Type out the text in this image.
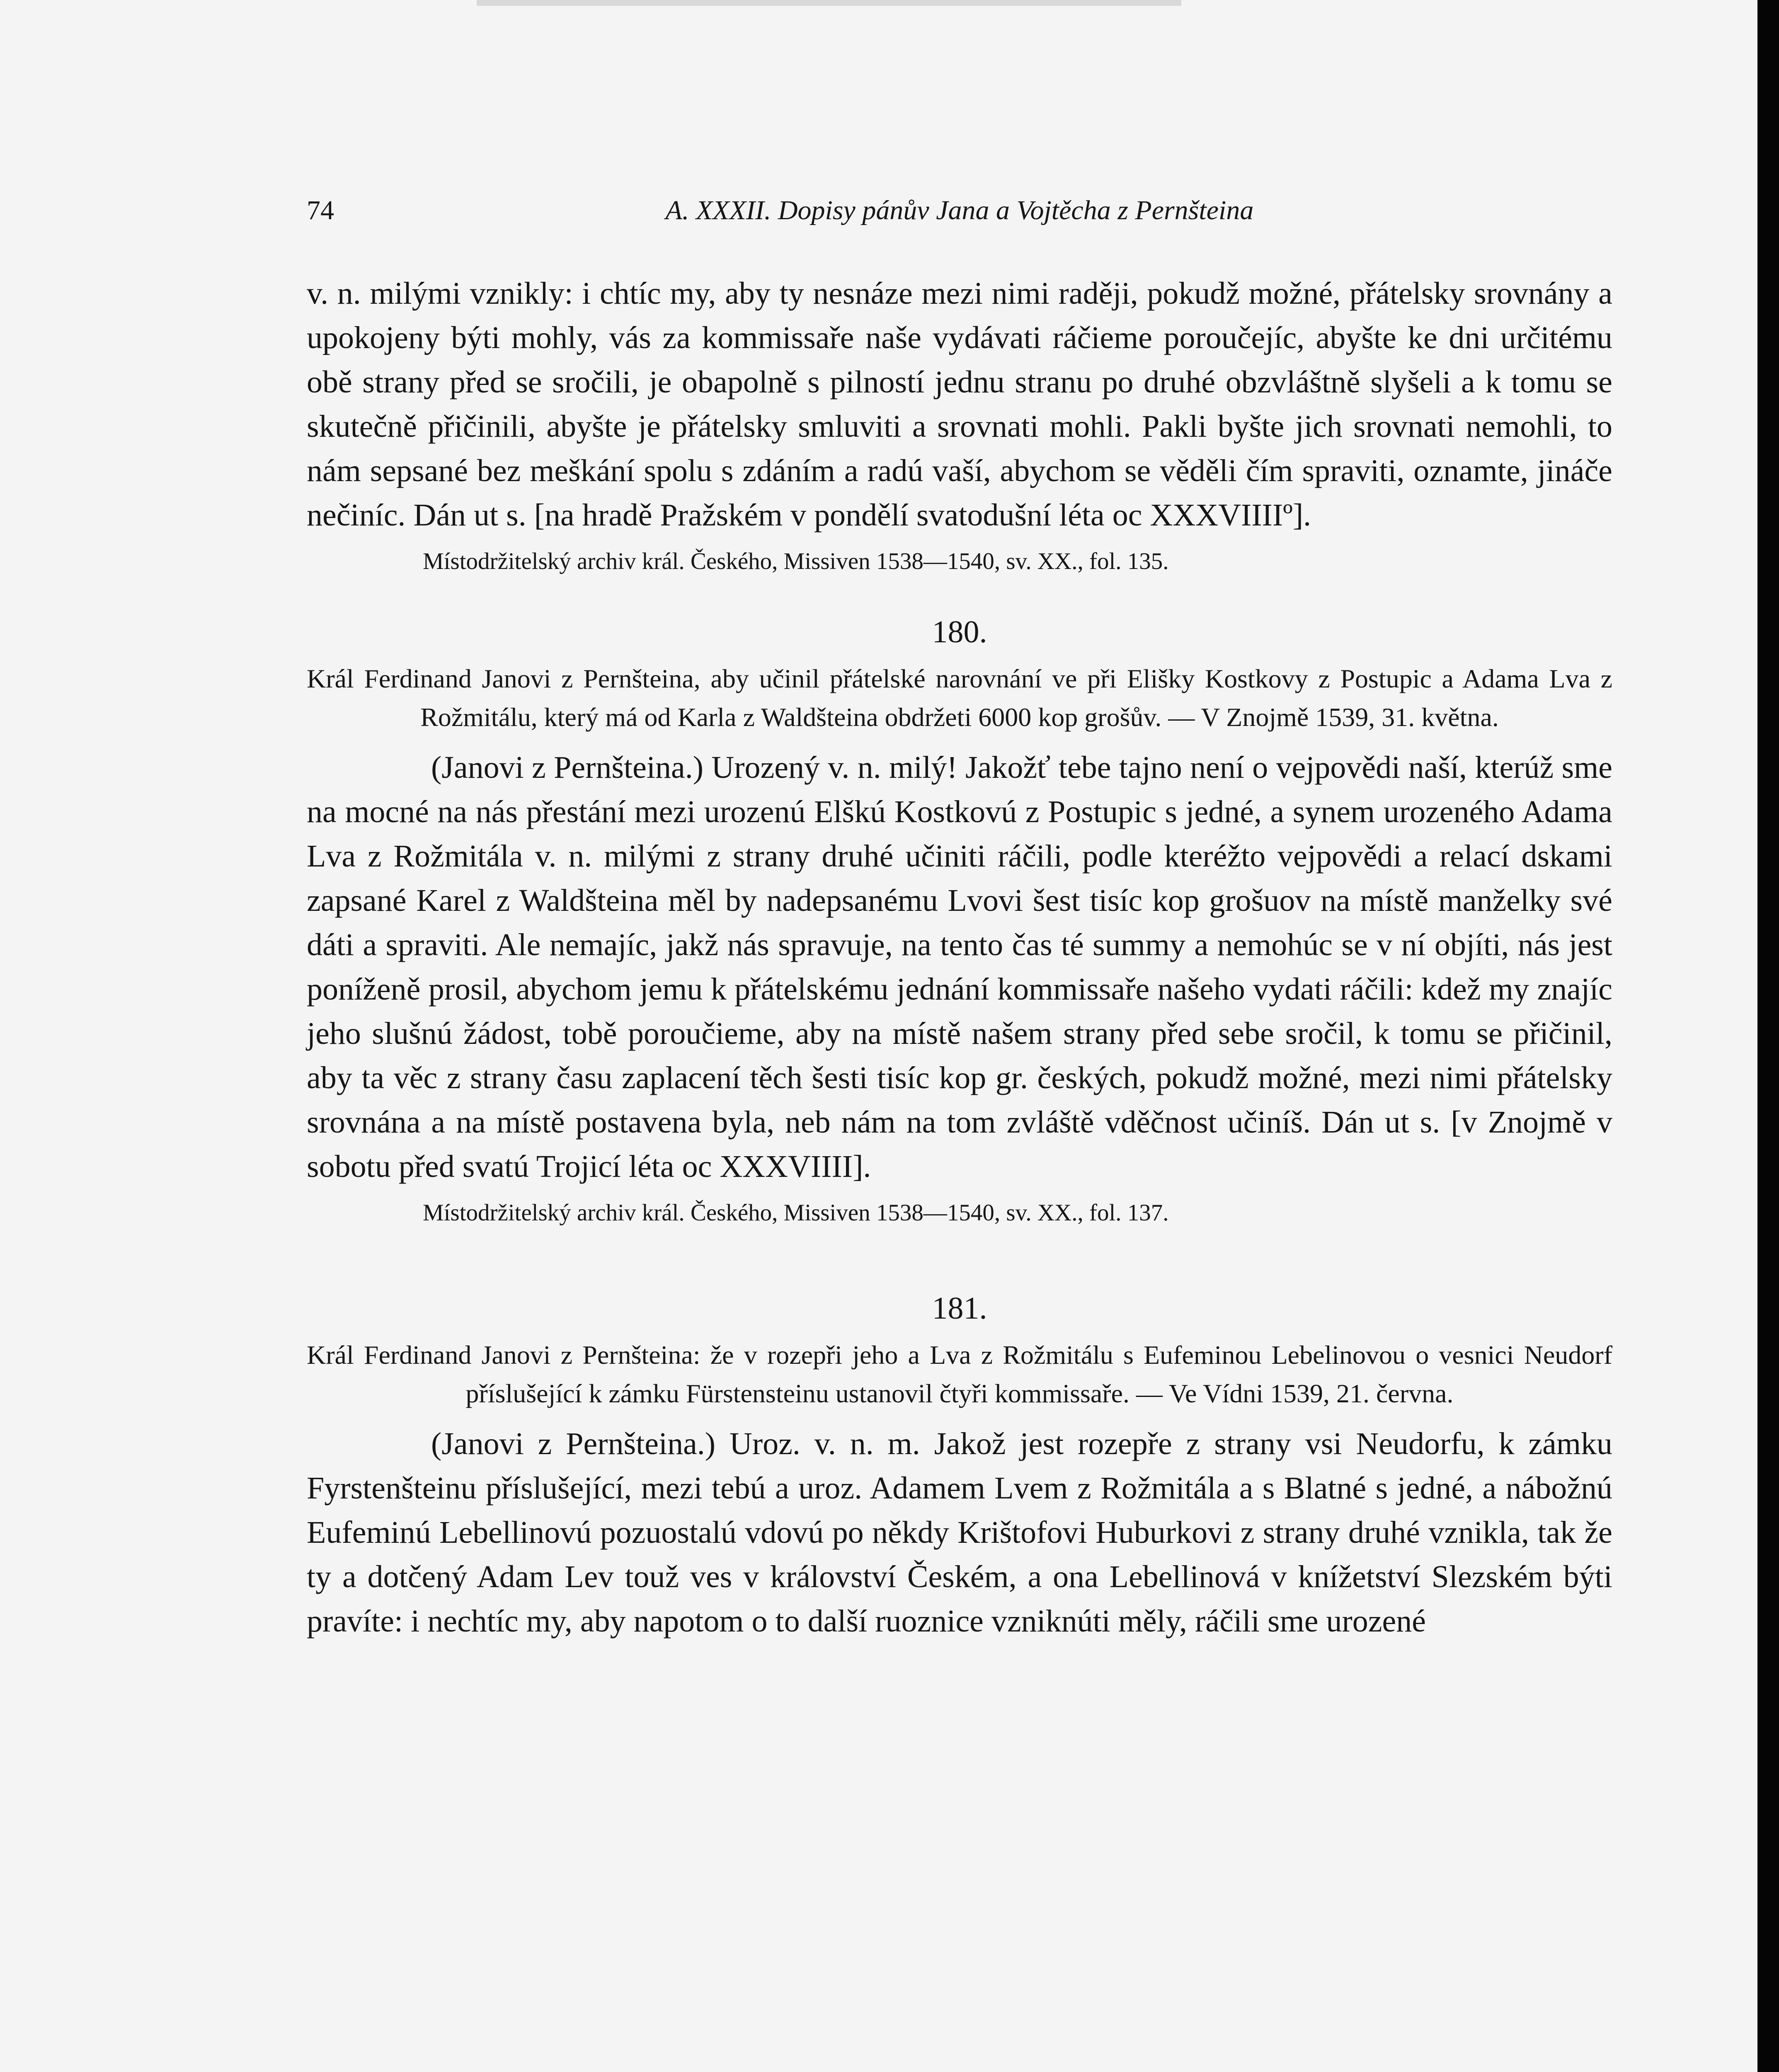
A. XXXII. Dopisy pánův Jana a Vojtěcha z Pernšteina
74

v. n. milými vznikly: i chtíc my, aby ty nesnáze mezi nimi raději, pokudž možné, přátelsky srovnány a upokojeny býti mohly, vás za kommissaře naše vydávati ráčieme poroučejíc, abyšte ke dni určitému obě strany před se sročili, je obapolně s pilností jednu stranu po druhé obzvláštně slyšeli a k tomu se skutečně přičinili, abyšte je přátelsky smluviti a srovnati mohli. Pakli byšte jich srovnati nemohli, to nám sepsané bez meškání spolu s zdáním a radú vaší, abychom se věděli čím spraviti, oznamte, jináče nečiníc. Dán ut s. [na hradě Pražském v pondělí svatodušní léta oc XXXVIIIIº].

Místodržitelský archiv král. Českého, Missiven 1538—1540, sv. XX., fol. 135.

180.

Král Ferdinand Janovi z Pernšteina, aby učinil přátelské narovnání ve při Elišky Kostkovy z Postupic a Adama Lva z Rožmitálu, který má od Karla z Waldšteina obdržeti 6000 kop grošův. — V Znojmě 1539, 31. května.

(Janovi z Pernšteina.) Urozený v. n. milý! Jakožť tebe tajno není o vejpovědi naší, kterúž sme na mocné na nás přestání mezi urozenú Elškú Kostkovú z Postupic s jedné, a synem urozeného Adama Lva z Rožmitála v. n. milými z strany druhé učiniti ráčili, podle kteréžto vejpovědi a relací dskami zapsané Karel z Waldšteina měl by nadepsanému Lvovi šest tisíc kop grošuov na místě manželky své dáti a spraviti. Ale nemajíc, jakž nás spravuje, na tento čas té summy a nemohúc se v ní objíti, nás jest poníženě prosil, abychom jemu k přátelskému jednání kommissaře našeho vydati ráčili: kdež my znajíc jeho slušnú žádost, tobě poroučieme, aby na místě našem strany před sebe sročil, k tomu se přičinil, aby ta věc z strany času zaplacení těch šesti tisíc kop gr. českých, pokudž možné, mezi nimi přátelsky srovnána a na místě postavena byla, neb nám na tom zvláště vděčnost učiníš. Dán ut s. [v Znojmě v sobotu před svatú Trojicí léta oc XXXVIIII].

Místodržitelský archiv král. Českého, Missiven 1538—1540, sv. XX., fol. 137.

181.

Král Ferdinand Janovi z Pernšteina: že v rozepři jeho a Lva z Rožmitálu s Eufeminou Lebelinovou o vesnici Neudorf příslušející k zámku Fürstensteinu ustanovil čtyři kommissaře. — Ve Vídni 1539, 21. června.

(Janovi z Pernšteina.) Uroz. v. n. m. Jakož jest rozepře z strany vsi Neudorfu, k zámku Fyrstenšteinu příslušející, mezi tebú a uroz. Adamem Lvem z Rožmitála a s Blatné s jedné, a nábožnú Eufeminú Lebellinovú pozuostalú vdovú po někdy Krištofovi Huburkovi z strany druhé vznikla, tak že ty a dotčený Adam Lev touž ves v království Českém, a ona Lebellinová v knížetství Slezském býti pravíte: i nechtíc my, aby napotom o to další ruoznice vzniknúti měly, ráčili sme urozené
